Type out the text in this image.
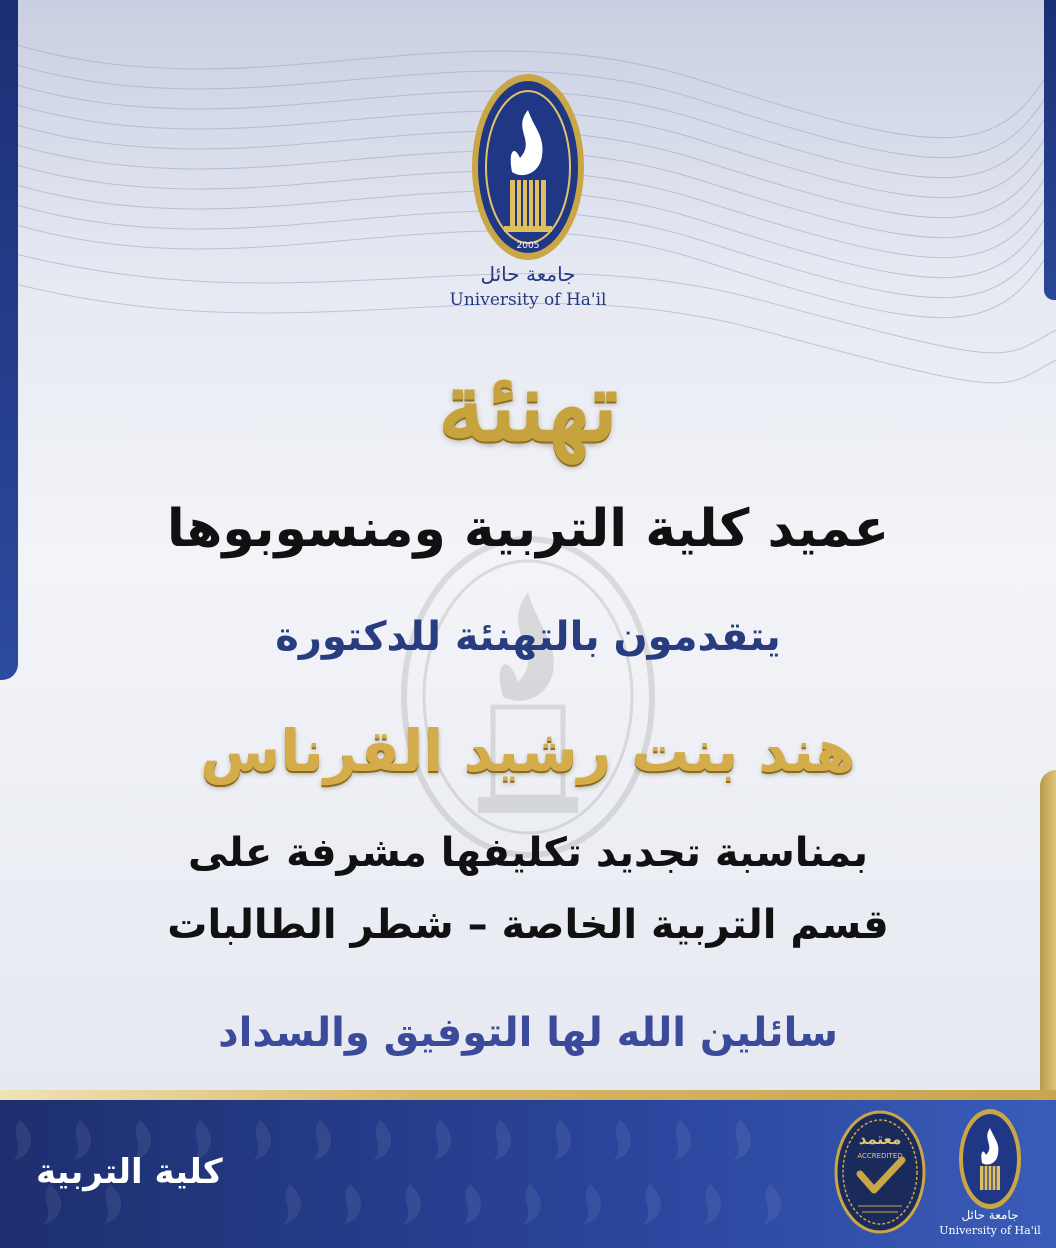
2005
جامعة حائل
University of Ha'il
تهنئة
عميد كلية التربية ومنسوبوها
يتقدمون بالتهنئة للدكتورة
هند بنت رشيد القرناس
بمناسبة تجديد تكليفها مشرفة على
قسم التربية الخاصة – شطر الطالبات
سائلين الله لها التوفيق والسداد
كلية التربية
معتمد
ACCREDITED
جامعة حائل
University of Ha'il
